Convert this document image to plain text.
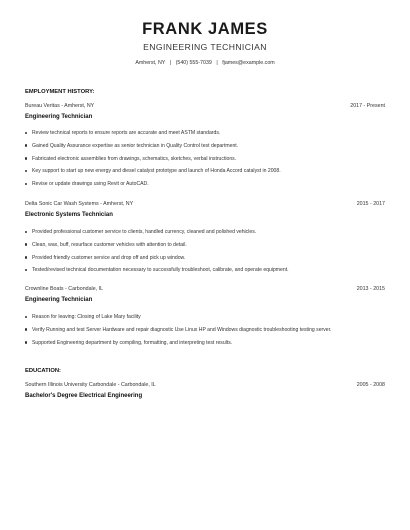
FRANK JAMES
ENGINEERING TECHNICIAN
Amherst, NY | (540) 555-7039 | fjames@example.com
EMPLOYMENT HISTORY:
Bureau Veritas - Amherst, NY	2017 - Present
Engineering Technician
Review technical reports to ensure reports are accurate and meet ASTM standards.
Gained Quality Assurance expertise as senior technician in Quality Control test department.
Fabricated electronic assemblies from drawings, schematics, sketches, verbal instructions.
Key support to start up new energy and diesel catalyst prototype and launch of Honda Accord catalyst in 2008.
Revise or update drawings using Revit or AutoCAD.
Delta Sonic Car Wash Systems - Amherst, NY	2015 - 2017
Electronic Systems Technician
Provided professional customer service to clients, handled currency, cleaned and polished vehicles.
Clean, wax, buff, resurface customer vehicles with attention to detail.
Provided friendly customer service and drop off and pick up window.
Tested/revised technical documentation necessary to successfully troubleshoot, calibrate, and operate equipment.
Crownline Boats - Carbondale, IL	2013 - 2015
Engineering Technician
Reason for leaving: Closing of Lake Mary facility
Verify Running and test Server Hardware and repair diagnostic Use Linux HP and Windows diagnostic troubleshooting testing server.
Supported Engineering department by compiling, formatting, and interpreting test results.
EDUCATION:
Southern Illinois University Carbondale - Carbondale, IL	2005 - 2008
Bachelor's Degree Electrical Engineering
